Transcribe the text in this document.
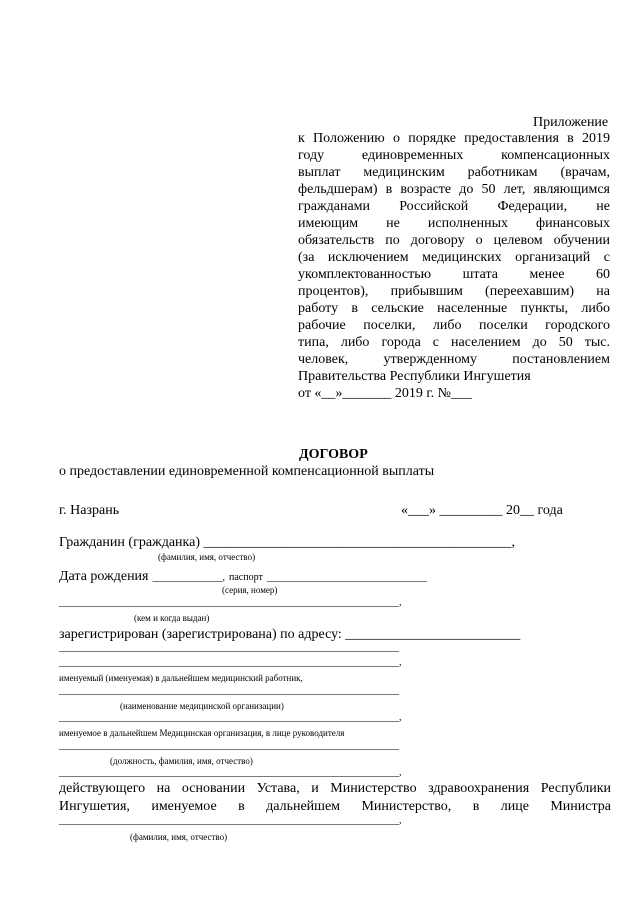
Приложение
к Положению о порядке предоставления в 2019
году единовременных компенсационных
выплат медицинским работникам (врачам,
фельдшерам) в возрасте до 50 лет, являющимся
гражданами Российской Федерации, не
имеющим не исполненных финансовых
обязательств по договору о целевом обучении
(за исключением медицинских организаций с
укомплектованностью штата менее 60
процентов), прибывшим (переехавшим) на
работу в сельские населенные пункты, либо
рабочие поселки, либо поселки городского
типа, либо города с населением до 50 тыс.
человек, утвержденному постановлением
Правительства Республики Ингушетия
от «__»_______ 2019 г. №___
ДОГОВОР
о предоставлении единовременной компенсационной выплаты
г. Назрань	«___» _________ 20__ года
Гражданин (гражданка) ____________________________________________,
(фамилия, имя, отчество)
Дата рождения ______________, паспорт ________________________________
(серия, номер)
____________________________________________________________________,
(кем и когда выдан)
зарегистрирован (зарегистрирована) по адресу: _________________________
____________________________________________________________________
____________________________________________________________________,
именуемый (именуемая) в дальнейшем медицинский работник,
____________________________________________________________________
(наименование медицинской организации)
____________________________________________________________________,
именуемое в дальнейшем Медицинская организация, в лице руководителя
____________________________________________________________________
(должность, фамилия, имя, отчество)
____________________________________________________________________,
действующего на основании Устава, и Министерство здравоохранения Республики
Ингушетия, именуемое в дальнейшем Министерство, в лице Министра
____________________________________________________________________,
(фамилия, имя, отчество)
